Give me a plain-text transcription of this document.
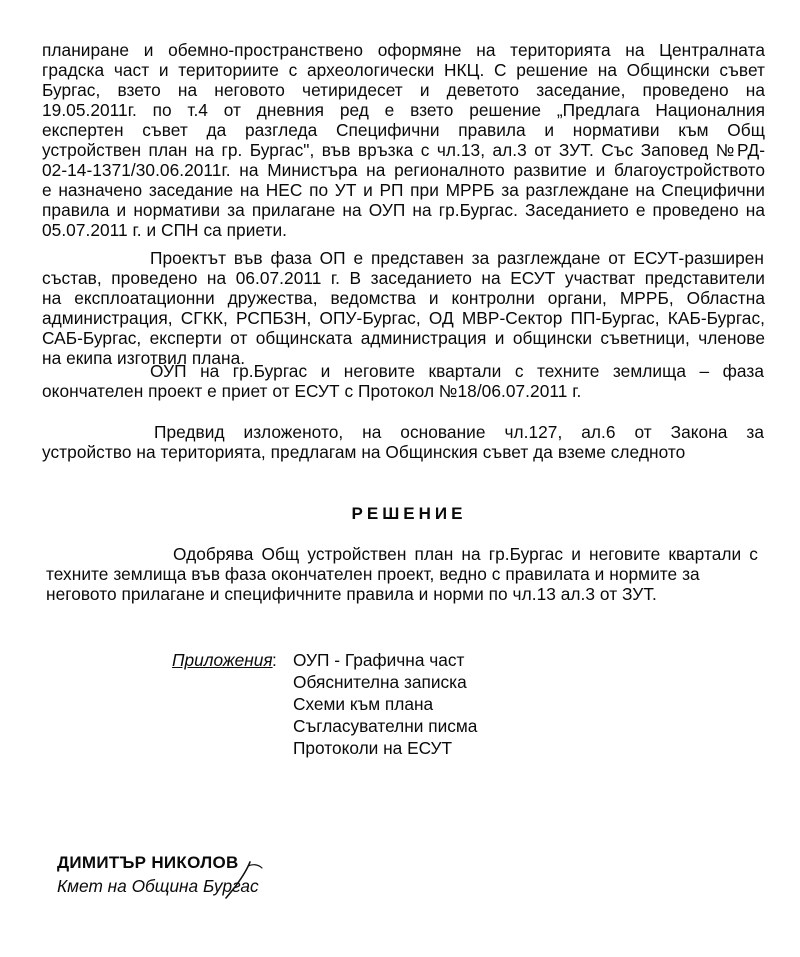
планиране и обемно-пространствено оформяне на територията на Централната
градска част и териториите с археологически НКЦ. С решение на Общински съвет
Бургас, взето на неговото четиридесет и деветото заседание, проведено на
19.05.2011г. по т.4 от дневния ред е взето решение „Предлага Националния
експертен съвет да разгледа Специфични правила и нормативи към Общ
устройствен план на гр. Бургас", във връзка с чл.13, ал.3 от ЗУТ. Със Заповед №РД-
02-14-1371/30.06.2011г. на Министъра на регионалното развитие и благоустройството
е назначено заседание на НЕС по УТ и РП при МРРБ за разглеждане на Специфични
правила и нормативи за прилагане на ОУП на гр.Бургас. Заседанието е проведено на
05.07.2011 г. и СПН са приети.
Проектът във фаза ОП е представен за разглеждане от ЕСУТ-разширен
състав, проведено на 06.07.2011 г. В заседанието на ЕСУТ участват представители
на експлоатационни дружества, ведомства и контролни органи, МРРБ, Областна
администрация, СГКК, РСПБЗН, ОПУ-Бургас, ОД МВР-Сектор ПП-Бургас, КАБ-Бургас,
САБ-Бургас, експерти от общинската администрация и общински съветници, членове
на екипа изготвил плана.
ОУП на гр.Бургас и неговите квартали с техните землища – фаза
окончателен проект е приет от ЕСУТ с Протокол №18/06.07.2011 г.
Предвид изложеното, на основание чл.127, ал.6 от Закона за
устройство на територията, предлагам на Общинския съвет да вземе следното
РЕШЕНИЕ
Одобрява Общ устройствен план на гр.Бургас и неговите квартали с
техните землища във фаза окончателен проект, ведно с правилата и нормите за
неговото прилагане и специфичните правила и норми по чл.13 ал.3 от ЗУТ.
Приложения : ОУП - Графична част
Обяснителна записка
Схеми към плана
Съгласувателни писма
Протоколи на ЕСУТ
ДИМИТЪР НИКОЛОВ
Кмет на Община Бургас
